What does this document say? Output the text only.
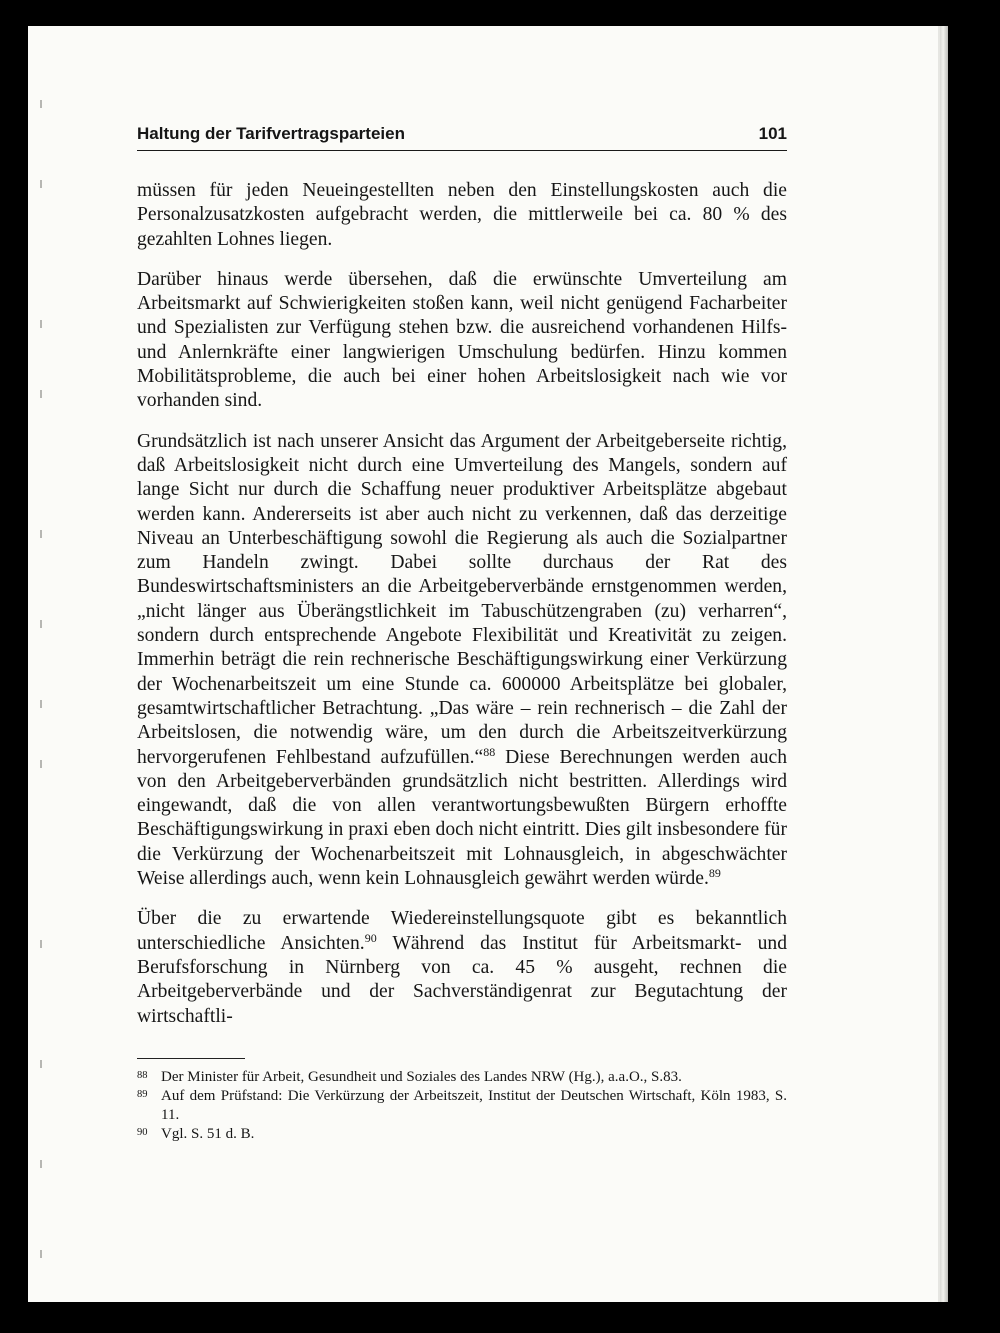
Haltung der Tarifvertragsparteien	101

müssen für jeden Neueingestellten neben den Einstellungskosten auch die Personalzusatzkosten aufgebracht werden, die mittlerweile bei ca. 80 % des gezahlten Lohnes liegen.

Darüber hinaus werde übersehen, daß die erwünschte Umverteilung am Arbeitsmarkt auf Schwierigkeiten stoßen kann, weil nicht genügend Facharbeiter und Spezialisten zur Verfügung stehen bzw. die ausreichend vorhandenen Hilfs- und Anlernkräfte einer langwierigen Umschulung bedürfen. Hinzu kommen Mobilitätsprobleme, die auch bei einer hohen Arbeitslosigkeit nach wie vor vorhanden sind.

Grundsätzlich ist nach unserer Ansicht das Argument der Arbeitgeberseite richtig, daß Arbeitslosigkeit nicht durch eine Umverteilung des Mangels, sondern auf lange Sicht nur durch die Schaffung neuer produktiver Arbeitsplätze abgebaut werden kann. Andererseits ist aber auch nicht zu verkennen, daß das derzeitige Niveau an Unterbeschäftigung sowohl die Regierung als auch die Sozialpartner zum Handeln zwingt. Dabei sollte durchaus der Rat des Bundeswirtschaftsministers an die Arbeitgeberverbände ernstgenommen werden, „nicht länger aus Überängstlichkeit im Tabuschützengraben (zu) verharren“, sondern durch entsprechende Angebote Flexibilität und Kreativität zu zeigen. Immerhin beträgt die rein rechnerische Beschäftigungswirkung einer Verkürzung der Wochenarbeitszeit um eine Stunde ca. 600000 Arbeitsplätze bei globaler, gesamtwirtschaftlicher Betrachtung. „Das wäre – rein rechnerisch – die Zahl der Arbeitslosen, die notwendig wäre, um den durch die Arbeitszeitverkürzung hervorgerufenen Fehlbestand aufzufüllen.“$^{88}$ Diese Berechnungen werden auch von den Arbeitgeberverbänden grundsätzlich nicht bestritten. Allerdings wird eingewandt, daß die von allen verantwortungsbewußten Bürgern erhoffte Beschäftigungswirkung in praxi eben doch nicht eintritt. Dies gilt insbesondere für die Verkürzung der Wochenarbeitszeit mit Lohnausgleich, in abgeschwächter Weise allerdings auch, wenn kein Lohnausgleich gewährt werden würde.$^{89}$

Über die zu erwartende Wiedereinstellungsquote gibt es bekanntlich unterschiedliche Ansichten.$^{90}$ Während das Institut für Arbeitsmarkt- und Berufsforschung in Nürnberg von ca. 45 % ausgeht, rechnen die Arbeitgeberverbände und der Sachverständigenrat zur Begutachtung der wirtschaftli-

88 Der Minister für Arbeit, Gesundheit und Soziales des Landes NRW (Hg.), a.a.O., S.83.
89 Auf dem Prüfstand: Die Verkürzung der Arbeitszeit, Institut der Deutschen Wirtschaft, Köln 1983, S. 11.
90 Vgl. S. 51 d. B.
